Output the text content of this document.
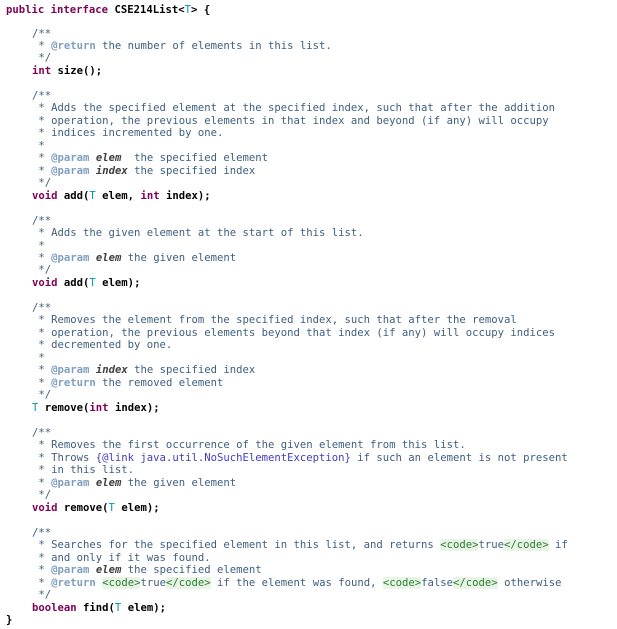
public interface CSE214List<T> {
/**
* @return the number of elements in this list.
*/
int size();
/**
* Adds the specified element at the specified index, such that after the addition
* operation, the previous elements in that index and beyond (if any) will occupy
* indices incremented by one.
*
* @param elem  the specified element
* @param index the specified index
*/
void add(T elem, int index);
/**
* Adds the given element at the start of this list.
*
* @param elem the given element
*/
void add(T elem);
/**
* Removes the element from the specified index, such that after the removal
* operation, the previous elements beyond that index (if any) will occupy indices
* decremented by one.
*
* @param index the specified index
* @return the removed element
*/
T remove(int index);
/**
* Removes the first occurrence of the given element from this list.
* Throws {@link java.util.NoSuchElementException} if such an element is not present
* in this list.
* @param elem the given element
*/
void remove(T elem);
/**
* Searches for the specified element in this list, and returns <code>true</code> if
* and only if it was found.
* @param elem the specified element
* @return <code>true</code> if the element was found, <code>false</code> otherwise
*/
boolean find(T elem);
}
